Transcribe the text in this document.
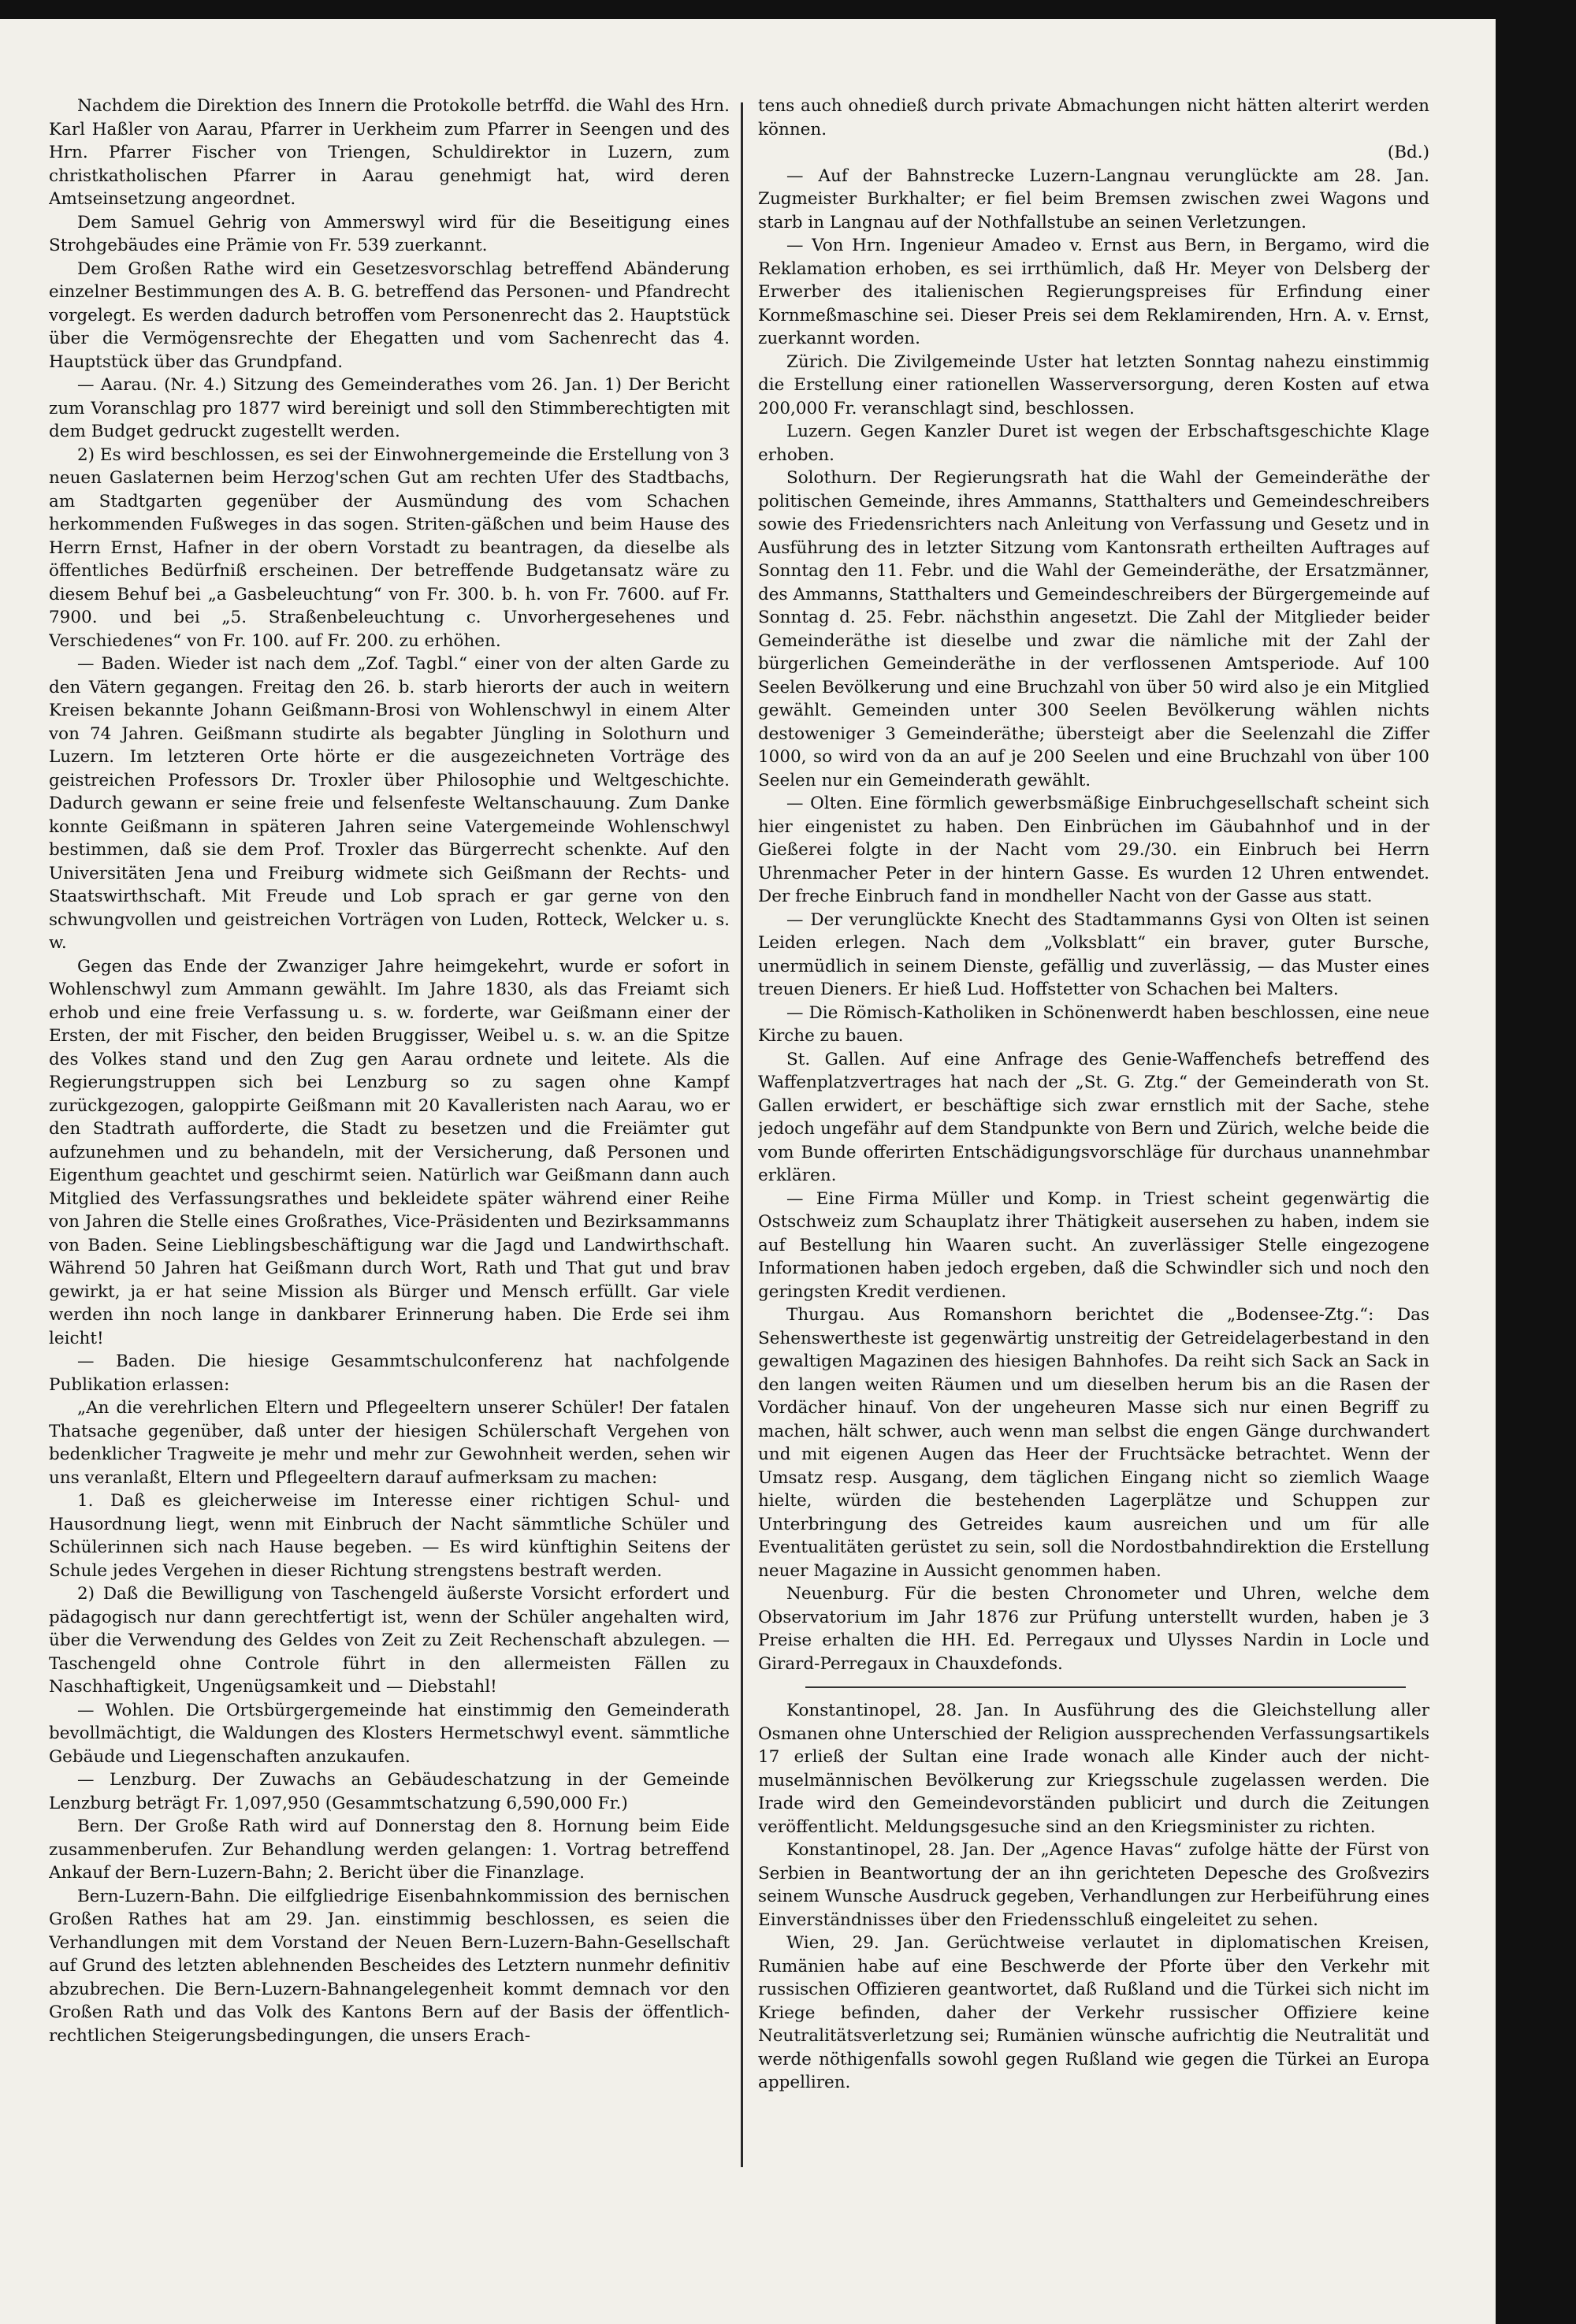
Nachdem die Direktion des Innern die Protokolle betrffd. die Wahl des Hrn. Karl Haßler von Aarau, Pfarrer in Uerkheim zum Pfarrer in Seengen und des Hrn. Pfarrer Fischer von Triengen, Schuldirektor in Luzern, zum christkatholischen Pfarrer in Aarau genehmigt hat, wird deren Amtseinsetzung angeordnet.

Dem Samuel Gehrig von Ammerswyl wird für die Beseitigung eines Strohgebäudes eine Prämie von Fr. 539 zuerkannt.

Dem Großen Rathe wird ein Gesetzesvorschlag betreffend Abänderung einzelner Bestimmungen des A. B. G. betreffend das Personen- und Pfandrecht vorgelegt. Es werden dadurch betroffen vom Personenrecht das 2. Hauptstück über die Vermögensrechte der Ehegatten und vom Sachenrecht das 4. Hauptstück über das Grundpfand.

— Aarau. (Nr. 4.) Sitzung des Gemeinderathes vom 26. Jan. 1) Der Bericht zum Voranschlag pro 1877 wird bereinigt und soll den Stimmberechtigten mit dem Budget gedruckt zugestellt werden.

2) Es wird beschlossen, es sei der Einwohnergemeinde die Erstellung von 3 neuen Gaslaternen beim Herzog'schen Gut am rechten Ufer des Stadtbachs, am Stadtgarten gegenüber der Ausmündung des vom Schachen herkommenden Fußweges in das sogen. Striten-gäßchen und beim Hause des Herrn Ernst, Hafner in der obern Vorstadt zu beantragen, da dieselbe als öffentliches Bedürfniß erscheinen. Der betreffende Budgetansatz wäre zu diesem Behuf bei „a Gasbeleuchtung“ von Fr. 300. b. h. von Fr. 7600. auf Fr. 7900. und bei „5. Straßenbeleuchtung c. Unvorhergesehenes und Verschiedenes“ von Fr. 100. auf Fr. 200. zu erhöhen.

— Baden. Wieder ist nach dem „Zof. Tagbl.“ einer von der alten Garde zu den Vätern gegangen. Freitag den 26. b. starb hierorts der auch in weitern Kreisen bekannte Johann Geißmann-Brosi von Wohlenschwyl in einem Alter von 74 Jahren. Geißmann studirte als begabter Jüngling in Solothurn und Luzern. Im letzteren Orte hörte er die ausgezeichneten Vorträge des geistreichen Professors Dr. Troxler über Philosophie und Weltgeschichte. Dadurch gewann er seine freie und felsenfeste Weltanschauung. Zum Danke konnte Geißmann in späteren Jahren seine Vatergemeinde Wohlenschwyl bestimmen, daß sie dem Prof. Troxler das Bürgerrecht schenkte. Auf den Universitäten Jena und Freiburg widmete sich Geißmann der Rechts- und Staatswirthschaft. Mit Freude und Lob sprach er gar gerne von den schwungvollen und geistreichen Vorträgen von Luden, Rotteck, Welcker u. s. w.

Gegen das Ende der Zwanziger Jahre heimgekehrt, wurde er sofort in Wohlenschwyl zum Ammann gewählt. Im Jahre 1830, als das Freiamt sich erhob und eine freie Verfassung u. s. w. forderte, war Geißmann einer der Ersten, der mit Fischer, den beiden Bruggisser, Weibel u. s. w. an die Spitze des Volkes stand und den Zug gen Aarau ordnete und leitete. Als die Regierungstruppen sich bei Lenzburg so zu sagen ohne Kampf zurückgezogen, galoppirte Geißmann mit 20 Kavalleristen nach Aarau, wo er den Stadtrath aufforderte, die Stadt zu besetzen und die Freiämter gut aufzunehmen und zu behandeln, mit der Versicherung, daß Personen und Eigenthum geachtet und geschirmt seien. Natürlich war Geißmann dann auch Mitglied des Verfassungsrathes und bekleidete später während einer Reihe von Jahren die Stelle eines Großrathes, Vice-Präsidenten und Bezirksammanns von Baden. Seine Lieblingsbeschäftigung war die Jagd und Landwirthschaft. Während 50 Jahren hat Geißmann durch Wort, Rath und That gut und brav gewirkt, ja er hat seine Mission als Bürger und Mensch erfüllt. Gar viele werden ihn noch lange in dankbarer Erinnerung haben. Die Erde sei ihm leicht!

— Baden. Die hiesige Gesammtschulconferenz hat nachfolgende Publikation erlassen:

„An die verehrlichen Eltern und Pflegeeltern unserer Schüler! Der fatalen Thatsache gegenüber, daß unter der hiesigen Schülerschaft Vergehen von bedenklicher Tragweite je mehr und mehr zur Gewohnheit werden, sehen wir uns veranlaßt, Eltern und Pflegeeltern darauf aufmerksam zu machen:

1. Daß es gleicherweise im Interesse einer richtigen Schul- und Hausordnung liegt, wenn mit Einbruch der Nacht sämmtliche Schüler und Schülerinnen sich nach Hause begeben. — Es wird künftighin Seitens der Schule jedes Vergehen in dieser Richtung strengstens bestraft werden.

2) Daß die Bewilligung von Taschengeld äußerste Vorsicht erfordert und pädagogisch nur dann gerechtfertigt ist, wenn der Schüler angehalten wird, über die Verwendung des Geldes von Zeit zu Zeit Rechenschaft abzulegen. — Taschengeld ohne Controle führt in den allermeisten Fällen zu Naschhaftigkeit, Ungenügsamkeit und — Diebstahl!

— Wohlen. Die Ortsbürgergemeinde hat einstimmig den Gemeinderath bevollmächtigt, die Waldungen des Klosters Hermetschwyl event. sämmtliche Gebäude und Liegenschaften anzukaufen.

— Lenzburg. Der Zuwachs an Gebäudeschatzung in der Gemeinde Lenzburg beträgt Fr. 1,097,950 (Gesammtschatzung 6,590,000 Fr.)

Bern. Der Große Rath wird auf Donnerstag den 8. Hornung beim Eide zusammenberufen. Zur Behandlung werden gelangen: 1. Vortrag betreffend Ankauf der Bern-Luzern-Bahn; 2. Bericht über die Finanzlage.

Bern-Luzern-Bahn. Die eilfgliedrige Eisenbahnkommission des bernischen Großen Rathes hat am 29. Jan. einstimmig beschlossen, es seien die Verhandlungen mit dem Vorstand der Neuen Bern-Luzern-Bahn-Gesellschaft auf Grund des letzten ablehnenden Bescheides des Letztern nunmehr definitiv abzubrechen. Die Bern-Luzern-Bahnangelegenheit kommt demnach vor den Großen Rath und das Volk des Kantons Bern auf der Basis der öffentlich-rechtlichen Steigerungsbedingungen, die unsers Erach-

tens auch ohnedieß durch private Abmachungen nicht hätten alterirt werden können.

(Bd.)

— Auf der Bahnstrecke Luzern-Langnau verunglückte am 28. Jan. Zugmeister Burkhalter; er fiel beim Bremsen zwischen zwei Wagons und starb in Langnau auf der Nothfallstube an seinen Verletzungen.

— Von Hrn. Ingenieur Amadeo v. Ernst aus Bern, in Bergamo, wird die Reklamation erhoben, es sei irrthümlich, daß Hr. Meyer von Delsberg der Erwerber des italienischen Regierungspreises für Erfindung einer Kornmeßmaschine sei. Dieser Preis sei dem Reklamirenden, Hrn. A. v. Ernst, zuerkannt worden.

Zürich. Die Zivilgemeinde Uster hat letzten Sonntag nahezu einstimmig die Erstellung einer rationellen Wasserversorgung, deren Kosten auf etwa 200,000 Fr. veranschlagt sind, beschlossen.

Luzern. Gegen Kanzler Duret ist wegen der Erbschaftsgeschichte Klage erhoben.

Solothurn. Der Regierungsrath hat die Wahl der Gemeinderäthe der politischen Gemeinde, ihres Ammanns, Statthalters und Gemeindeschreibers sowie des Friedensrichters nach Anleitung von Verfassung und Gesetz und in Ausführung des in letzter Sitzung vom Kantonsrath ertheilten Auftrages auf Sonntag den 11. Febr. und die Wahl der Gemeinderäthe, der Ersatzmänner, des Ammanns, Statthalters und Gemeindeschreibers der Bürgergemeinde auf Sonntag d. 25. Febr. nächsthin angesetzt. Die Zahl der Mitglieder beider Gemeinderäthe ist dieselbe und zwar die nämliche mit der Zahl der bürgerlichen Gemeinderäthe in der verflossenen Amtsperiode. Auf 100 Seelen Bevölkerung und eine Bruchzahl von über 50 wird also je ein Mitglied gewählt. Gemeinden unter 300 Seelen Bevölkerung wählen nichts destoweniger 3 Gemeinderäthe; übersteigt aber die Seelenzahl die Ziffer 1000, so wird von da an auf je 200 Seelen und eine Bruchzahl von über 100 Seelen nur ein Gemeinderath gewählt.

— Olten. Eine förmlich gewerbsmäßige Einbruchgesellschaft scheint sich hier eingenistet zu haben. Den Einbrüchen im Gäubahnhof und in der Gießerei folgte in der Nacht vom 29./30. ein Einbruch bei Herrn Uhrenmacher Peter in der hintern Gasse. Es wurden 12 Uhren entwendet. Der freche Einbruch fand in mondheller Nacht von der Gasse aus statt.

— Der verunglückte Knecht des Stadtammanns Gysi von Olten ist seinen Leiden erlegen. Nach dem „Volksblatt“ ein braver, guter Bursche, unermüdlich in seinem Dienste, gefällig und zuverlässig, — das Muster eines treuen Dieners. Er hieß Lud. Hoffstetter von Schachen bei Malters.

— Die Römisch-Katholiken in Schönenwerdt haben beschlossen, eine neue Kirche zu bauen.

St. Gallen. Auf eine Anfrage des Genie-Waffenchefs betreffend des Waffenplatzvertrages hat nach der „St. G. Ztg.“ der Gemeinderath von St. Gallen erwidert, er beschäftige sich zwar ernstlich mit der Sache, stehe jedoch ungefähr auf dem Standpunkte von Bern und Zürich, welche beide die vom Bunde offerirten Entschädigungsvorschläge für durchaus unannehmbar erklären.

— Eine Firma Müller und Komp. in Triest scheint gegenwärtig die Ostschweiz zum Schauplatz ihrer Thätigkeit ausersehen zu haben, indem sie auf Bestellung hin Waaren sucht. An zuverlässiger Stelle eingezogene Informationen haben jedoch ergeben, daß die Schwindler sich und noch den geringsten Kredit verdienen.

Thurgau. Aus Romanshorn berichtet die „Bodensee-Ztg.“: Das Sehenswertheste ist gegenwärtig unstreitig der Getreidelagerbestand in den gewaltigen Magazinen des hiesigen Bahnhofes. Da reiht sich Sack an Sack in den langen weiten Räumen und um dieselben herum bis an die Rasen der Vordächer hinauf. Von der ungeheuren Masse sich nur einen Begriff zu machen, hält schwer, auch wenn man selbst die engen Gänge durchwandert und mit eigenen Augen das Heer der Fruchtsäcke betrachtet. Wenn der Umsatz resp. Ausgang, dem täglichen Eingang nicht so ziemlich Waage hielte, würden die bestehenden Lagerplätze und Schuppen zur Unterbringung des Getreides kaum ausreichen und um für alle Eventualitäten gerüstet zu sein, soll die Nordostbahndirektion die Erstellung neuer Magazine in Aussicht genommen haben.

Neuenburg. Für die besten Chronometer und Uhren, welche dem Observatorium im Jahr 1876 zur Prüfung unterstellt wurden, haben je 3 Preise erhalten die HH. Ed. Perregaux und Ulysses Nardin in Locle und Girard-Perregaux in Chauxdefonds.

Konstantinopel, 28. Jan. In Ausführung des die Gleichstellung aller Osmanen ohne Unterschied der Religion aussprechenden Verfassungsartikels 17 erließ der Sultan eine Irade wonach alle Kinder auch der nicht-muselmännischen Bevölkerung zur Kriegsschule zugelassen werden. Die Irade wird den Gemeindevorständen publicirt und durch die Zeitungen veröffentlicht. Meldungsgesuche sind an den Kriegsminister zu richten.

Konstantinopel, 28. Jan. Der „Agence Havas“ zufolge hätte der Fürst von Serbien in Beantwortung der an ihn gerichteten Depesche des Großvezirs seinem Wunsche Ausdruck gegeben, Verhandlungen zur Herbeiführung eines Einverständnisses über den Friedensschluß eingeleitet zu sehen.

Wien, 29. Jan. Gerüchtweise verlautet in diplomatischen Kreisen, Rumänien habe auf eine Beschwerde der Pforte über den Verkehr mit russischen Offizieren geantwortet, daß Rußland und die Türkei sich nicht im Kriege befinden, daher der Verkehr russischer Offiziere keine Neutralitätsverletzung sei; Rumänien wünsche aufrichtig die Neutralität und werde nöthigenfalls sowohl gegen Rußland wie gegen die Türkei an Europa appelliren.
